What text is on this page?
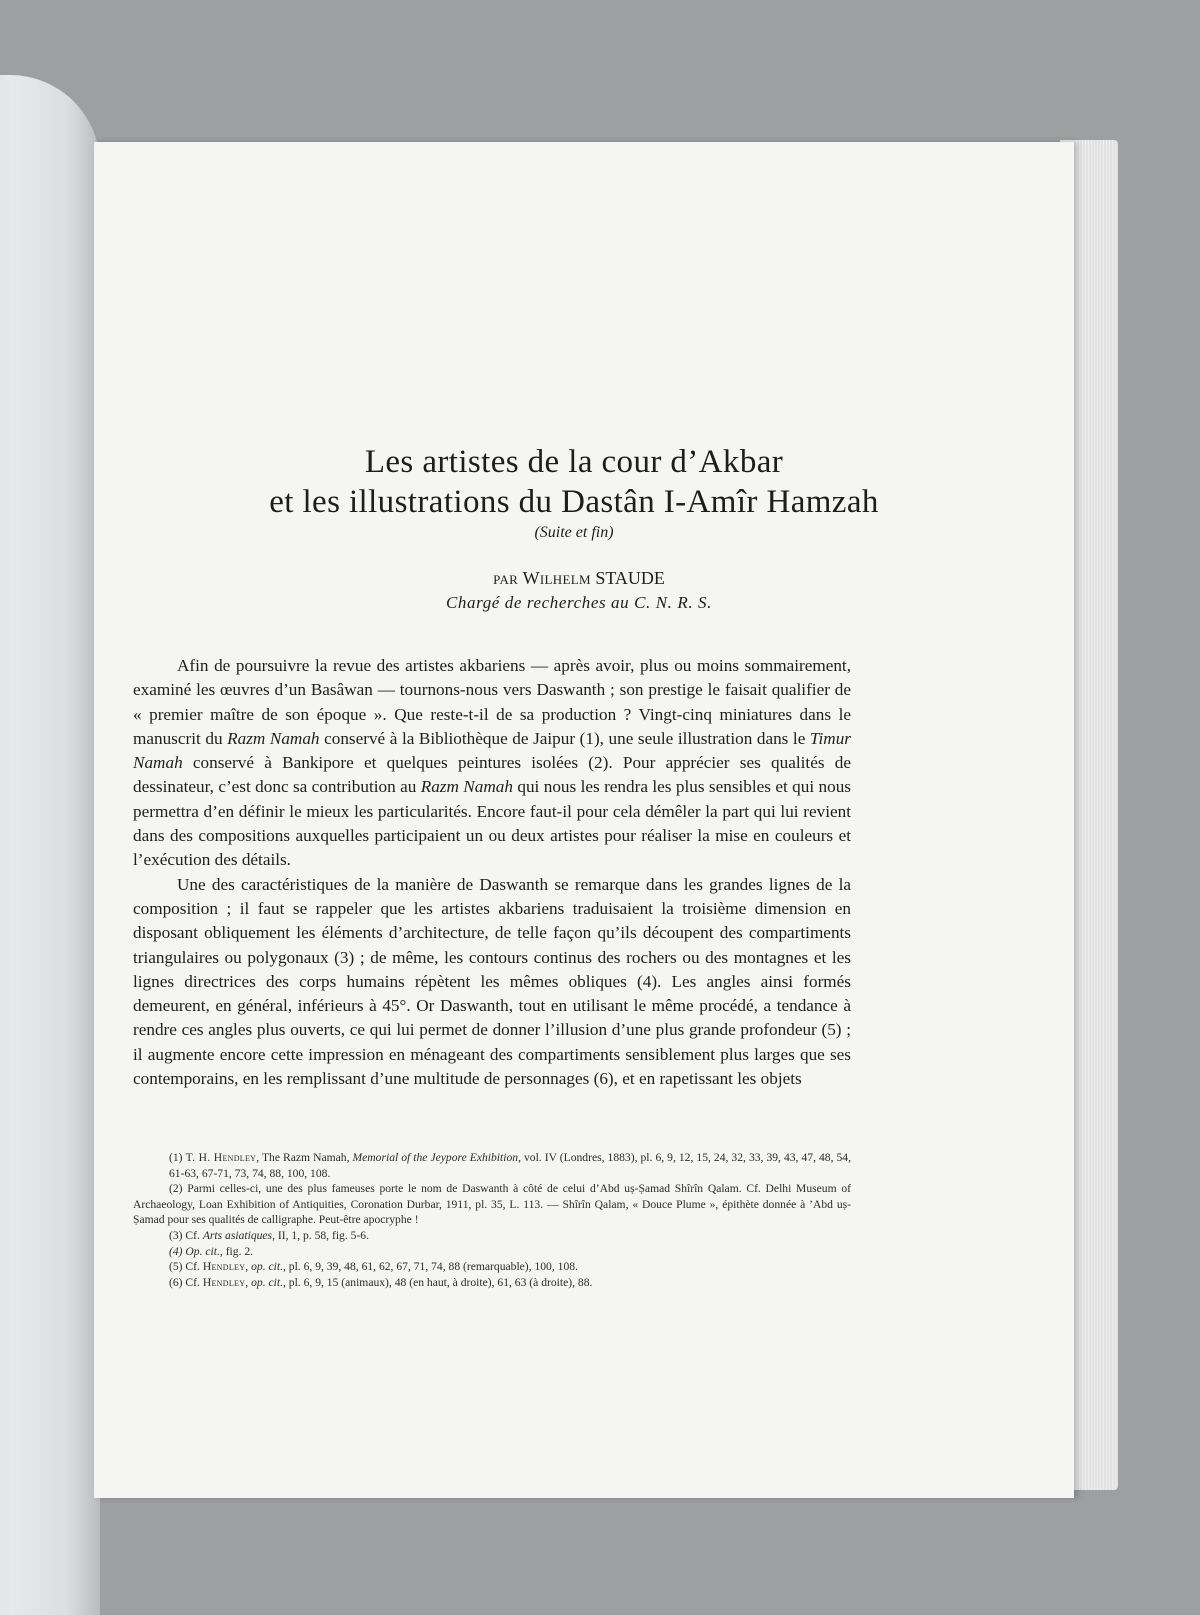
Les artistes de la cour d’Akbar
et les illustrations du Dastân I-Amîr Hamzah
(Suite et fin)
par Wilhelm STAUDE
Chargé de recherches au C. N. R. S.

Afin de poursuivre la revue des artistes akbariens — après avoir, plus ou moins sommairement, examiné les œuvres d’un Basâwan — tournons-nous vers Daswanth ; son prestige le faisait qualifier de « premier maître de son époque ». Que reste-t-il de sa production ? Vingt-cinq miniatures dans le manuscrit du Razm Namah conservé à la Bibliothèque de Jaipur (1), une seule illustration dans le Timur Namah conservé à Bankipore et quelques peintures isolées (2). Pour apprécier ses qualités de dessinateur, c’est donc sa contribution au Razm Namah qui nous les rendra les plus sensibles et qui nous permettra d’en définir le mieux les particularités. Encore faut-il pour cela démêler la part qui lui revient dans des compositions auxquelles participaient un ou deux artistes pour réaliser la mise en couleurs et l’exécution des détails.

Une des caractéristiques de la manière de Daswanth se remarque dans les grandes lignes de la composition ; il faut se rappeler que les artistes akbariens traduisaient la troisième dimension en disposant obliquement les éléments d’architecture, de telle façon qu’ils découpent des compartiments triangulaires ou polygonaux (3) ; de même, les contours continus des rochers ou des montagnes et les lignes directrices des corps humains répètent les mêmes obliques (4). Les angles ainsi formés demeurent, en général, inférieurs à 45°. Or Daswanth, tout en utilisant le même procédé, a tendance à rendre ces angles plus ouverts, ce qui lui permet de donner l’illusion d’une plus grande profondeur (5) ; il augmente encore cette impression en ménageant des compartiments sensiblement plus larges que ses contemporains, en les remplissant d’une multitude de personnages (6), et en rapetissant les objets

(1) T. H. Hendley, The Razm Namah, Memorial of the Jeypore Exhibition, vol. IV (Londres, 1883), pl. 6, 9, 12, 15, 24, 32, 33, 39, 43, 47, 48, 54, 61-63, 67-71, 73, 74, 88, 100, 108.
(2) Parmi celles-ci, une des plus fameuses porte le nom de Daswanth à côté de celui d’Abd uṣ-Ṣamad Shîrîn Qalam. Cf. Delhi Museum of Archaeology, Loan Exhibition of Antiquities, Coronation Durbar, 1911, pl. 35, L. 113. — Shîrîn Qalam, « Douce Plume », épithète donnée à ’Abd uṣ-Ṣamad pour ses qualités de calligraphe. Peut-être apocryphe !
(3) Cf. Arts asiatiques, II, 1, p. 58, fig. 5-6.
(4) Op. cit., fig. 2.
(5) Cf. Hendley, op. cit., pl. 6, 9, 39, 48, 61, 62, 67, 71, 74, 88 (remarquable), 100, 108.
(6) Cf. Hendley, op. cit., pl. 6, 9, 15 (animaux), 48 (en haut, à droite), 61, 63 (à droite), 88.
